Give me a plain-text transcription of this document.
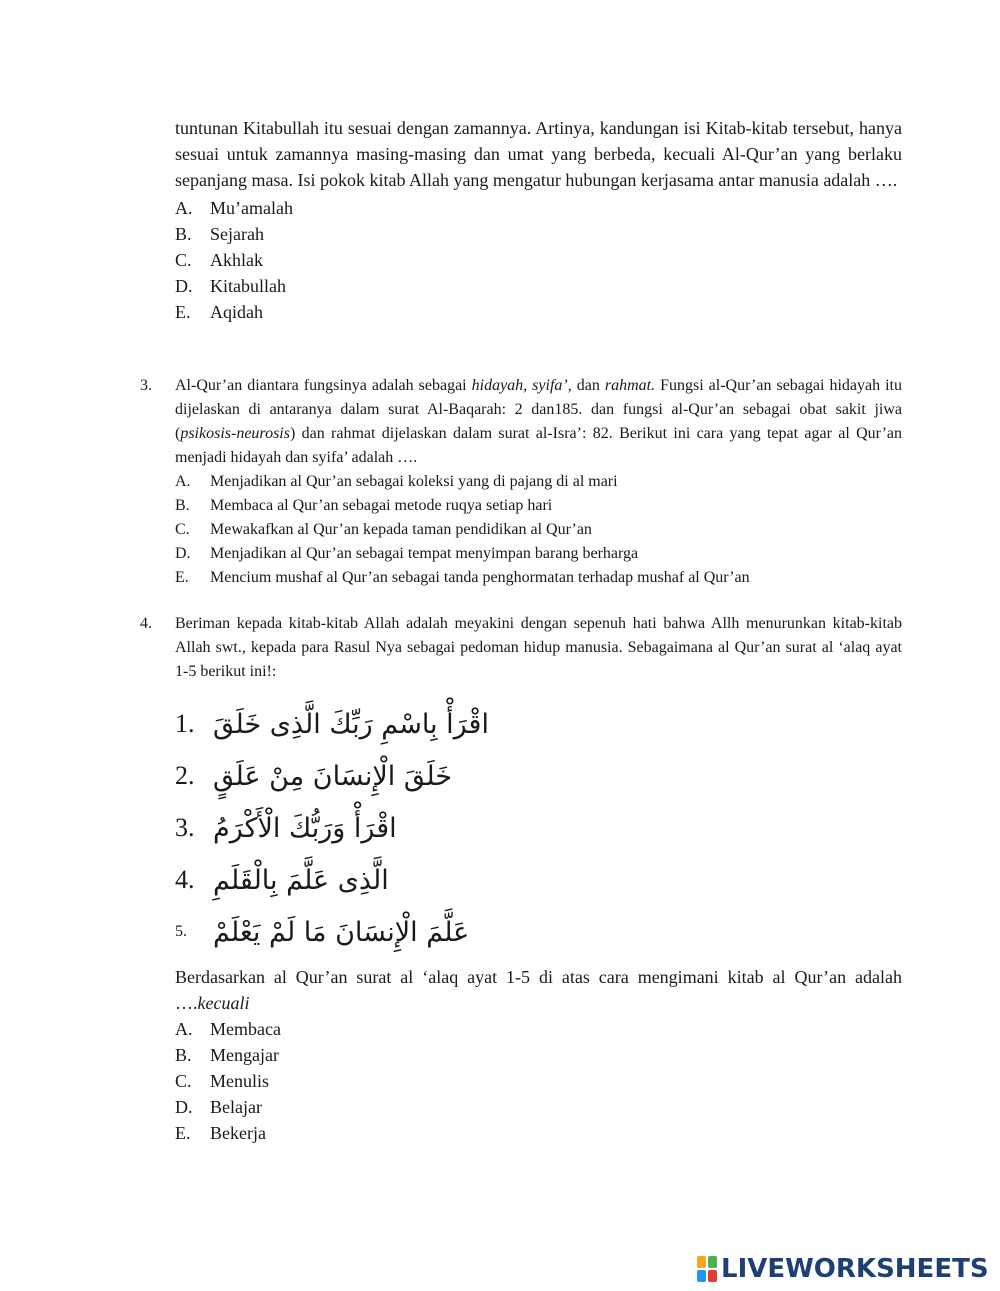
tuntunan Kitabullah itu sesuai dengan zamannya. Artinya, kandungan isi Kitab-kitab tersebut, hanya sesuai untuk zamannya masing-masing dan umat yang berbeda, kecuali Al-Qur’an yang berlaku sepanjang masa. Isi pokok kitab Allah yang mengatur hubungan kerjasama antar manusia adalah ….

A. Mu’amalah
B.	Sejarah
C.	Akhlak
D. Kitabullah
E.	Aqidah
3. Al-Qur’an diantara fungsinya adalah sebagai hidayah, syifa’, dan rahmat. Fungsi al-Qur’an sebagai hidayah itu dijelaskan di antaranya dalam surat Al-Baqarah: 2 dan185. dan fungsi al-Qur’an sebagai obat sakit jiwa (psikosis-neurosis) dan rahmat dijelaskan dalam surat al-Isra’: 82. Berikut ini cara yang tepat agar al Qur’an menjadi hidayah dan syifa’ adalah ….

A.	Menjadikan al Qur’an sebagai koleksi yang di pajang di al mari
B.	Membaca al Qur’an sebagai metode ruqya setiap hari
C.	Mewakafkan al Qur’an kepada taman pendidikan al Qur’an
D.	Menjadikan al Qur’an sebagai tempat menyimpan barang berharga
E.	Mencium mushaf al Qur’an sebagai tanda penghormatan terhadap mushaf al Qur’an
4. Beriman kepada kitab-kitab Allah adalah meyakini dengan sepenuh hati bahwa Allh menurunkan kitab-kitab Allah swt., kepada para Rasul Nya sebagai pedoman hidup manusia. Sebagaimana al Qur’an surat al ‘alaq ayat 1-5 berikut ini!:

1. اقْرَأْ بِاسْمِ رَبِّكَ الَّذِى خَلَقَ
2. خَلَقَ الْإِنسَانَ مِنْ عَلَقٍ
3. اقْرَأْ وَرَبُّكَ الْأَكْرَمُ
4. الَّذِى عَلَّمَ بِالْقَلَمِ
5. عَلَّمَ الْإِنسَانَ مَا لَمْ يَعْلَمْ

Berdasarkan al Qur’an surat al ‘alaq ayat 1-5 di atas cara mengimani kitab al Qur’an adalah ….kecuali

A. Membaca
B.	Mengajar
C.	Menulis
D. Belajar
E.	Bekerja
LIVEWORKSHEETS
